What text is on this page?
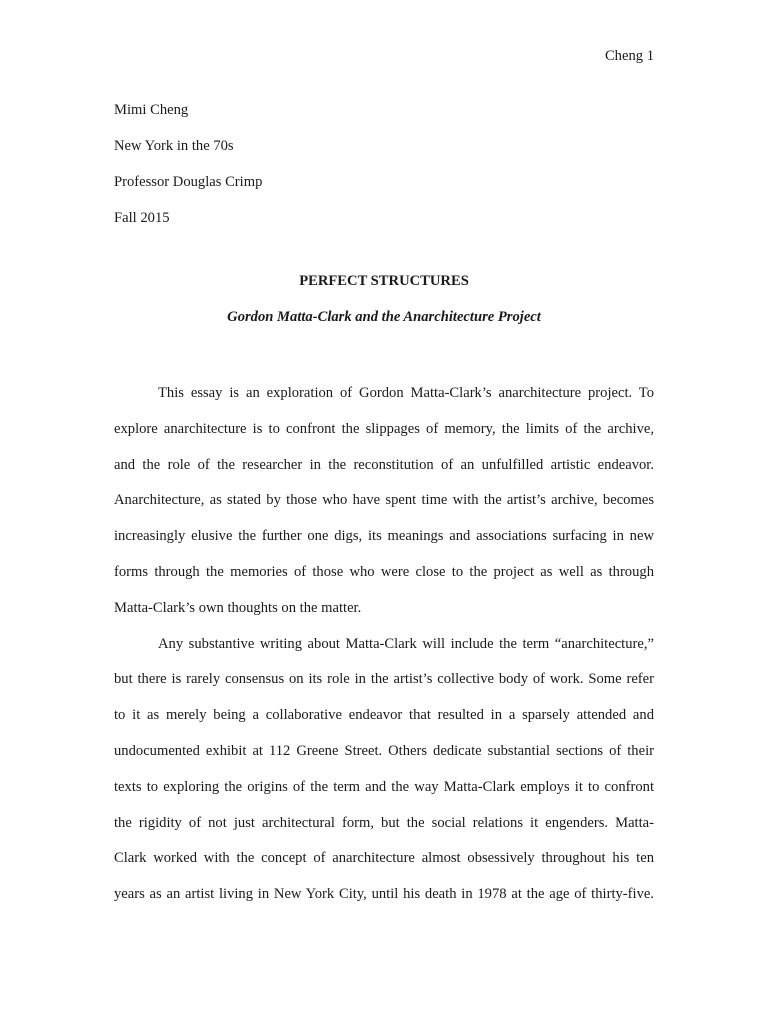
Cheng 1
Mimi Cheng
New York in the 70s
Professor Douglas Crimp
Fall 2015
PERFECT STRUCTURES
Gordon Matta-Clark and the Anarchitecture Project

This essay is an exploration of Gordon Matta-Clark’s anarchitecture project. To
explore anarchitecture is to confront the slippages of memory, the limits of the archive,
and the role of the researcher in the reconstitution of an unfulfilled artistic endeavor.
Anarchitecture, as stated by those who have spent time with the artist’s archive, becomes
increasingly elusive the further one digs, its meanings and associations surfacing in new
forms through the memories of those who were close to the project as well as through
Matta-Clark’s own thoughts on the matter.

Any substantive writing about Matta-Clark will include the term “anarchitecture,”
but there is rarely consensus on its role in the artist’s collective body of work. Some refer
to it as merely being a collaborative endeavor that resulted in a sparsely attended and
undocumented exhibit at 112 Greene Street. Others dedicate substantial sections of their
texts to exploring the origins of the term and the way Matta-Clark employs it to confront
the rigidity of not just architectural form, but the social relations it engenders. Matta-
Clark worked with the concept of anarchitecture almost obsessively throughout his ten
years as an artist living in New York City, until his death in 1978 at the age of thirty-five.
